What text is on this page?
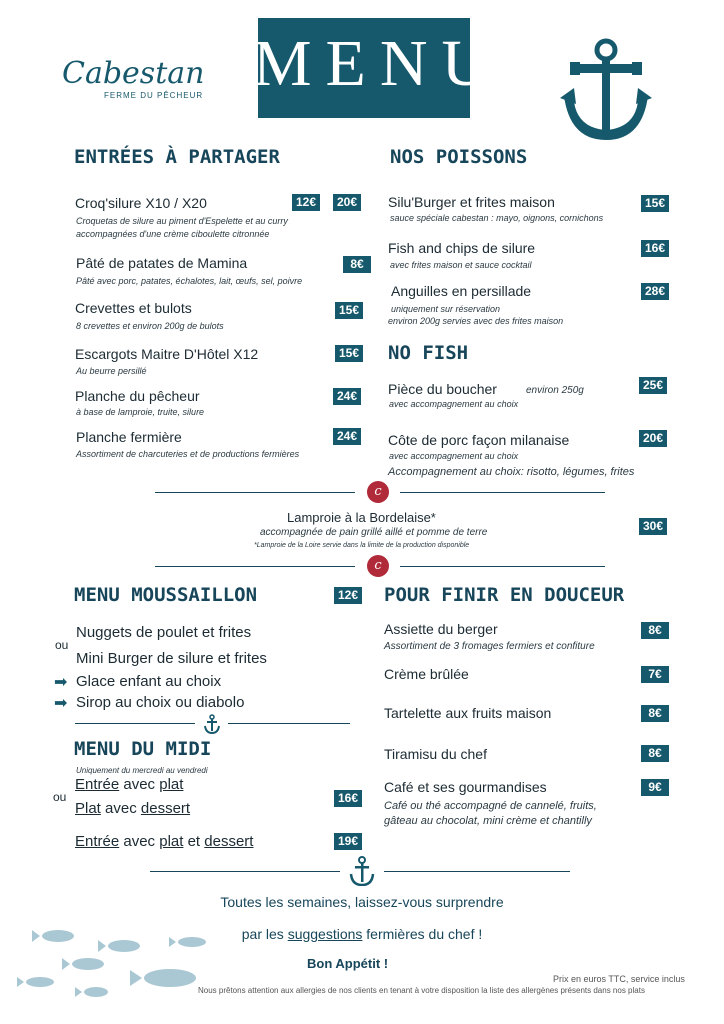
MENU
Cabestan
FERME DU PÊCHEUR
ENTRÉES À PARTAGER
Croq'silure X10 / X20	12€	20€
Croquetas de silure au piment d'Espelette et au curry
accompagnées d'une crème ciboulette citronnée
Pâté de patates de Mamina	8€
Pâté avec porc, patates, échalotes, lait, œufs, sel, poivre
Crevettes et bulots	15€
8 crevettes et environ 200g de bulots
Escargots Maitre D'Hôtel X12	15€
Au beurre persillé
Planche du pêcheur	24€
à base de lamproie, truite, silure
Planche fermière	24€
Assortiment de charcuteries et de productions fermières
NOS POISSONS
Silu'Burger et frites maison	15€
sauce spéciale cabestan : mayo, oignons, cornichons
Fish and chips de silure	16€
avec frites maison et sauce cocktail
Anguilles en persillade	28€
uniquement sur réservation
environ 200g servies avec des frites maison
NO FISH
Pièce du boucher	environ 250g	25€
avec accompagnement au choix
Côte de porc façon milanaise	20€
avec accompagnement au choix
Accompagnement au choix: risotto, légumes, frites
c
Lamproie à la Bordelaise*
accompagnée de pain grillé aillé et pomme de terre
*Lamproie de la Loire servie dans la limite de la production disponible
30€
c
MENU MOUSSAILLON	12€
Nuggets de poulet et frites
ou
Mini Burger de silure et frites
➡ Glace enfant au choix
➡ Sirop au choix ou diabolo
MENU DU MIDI
Uniquement du mercredi au vendredi
Entrée avec plat
ou
Plat avec dessert
16€
Entrée avec plat et dessert	19€
POUR FINIR EN DOUCEUR
Assiette du berger	8€
Assortiment de 3 fromages fermiers et confiture
Crème brûlée	7€
Tartelette aux fruits maison	8€
Tiramisu du chef	8€
Café et ses gourmandises	9€
Café ou thé accompagné de cannelé, fruits,
gâteau au chocolat, mini crème et chantilly
Toutes les semaines, laissez-vous surprendre
par les suggestions fermières du chef !
Bon Appétit !
Prix en euros TTC, service inclus
Nous prêtons attention aux allergies de nos clients en tenant à votre disposition la liste des allergènes présents dans nos plats
